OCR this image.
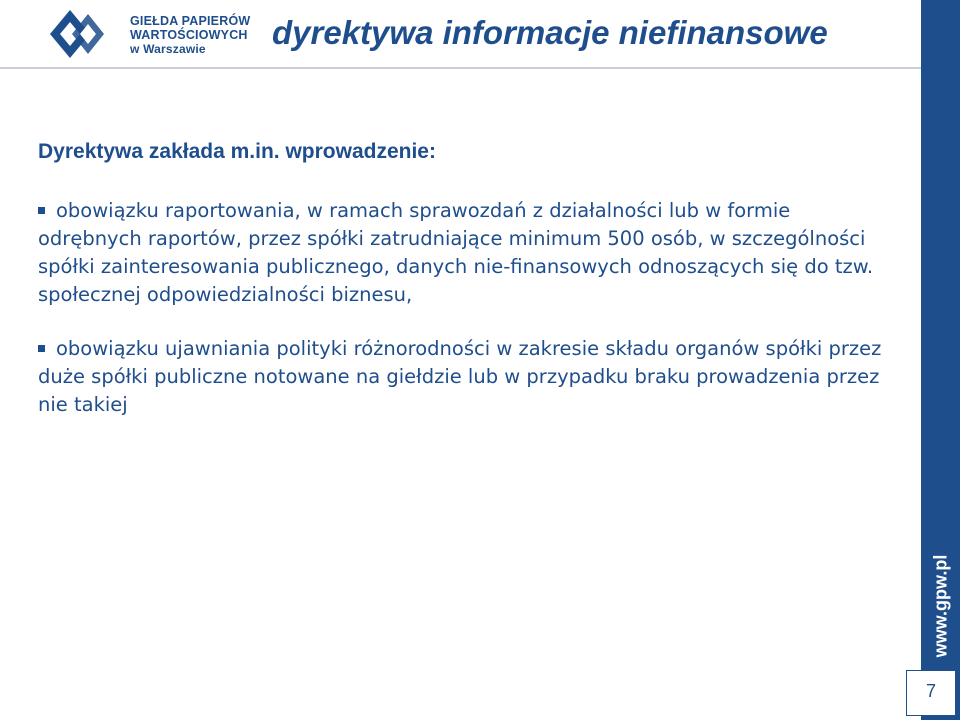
GIEŁDA PAPIERÓW
WARTOŚCIOWYCH
w Warszawie	dyrektywa informacje niefinansowe

Dyrektywa zakłada m.in. wprowadzenie:

obowiązku raportowania, w ramach sprawozdań z działalności lub w formie odrębnych raportów, przez spółki zatrudniające minimum 500 osób, w szczególności spółki zainteresowania publicznego, danych nie-finansowych odnoszących się do tzw. społecznej odpowiedzialności biznesu,

obowiązku ujawniania polityki różnorodności w zakresie składu organów spółki przez duże spółki publiczne notowane na giełdzie lub w przypadku braku prowadzenia przez nie takiej

www.gpw.pl
7
